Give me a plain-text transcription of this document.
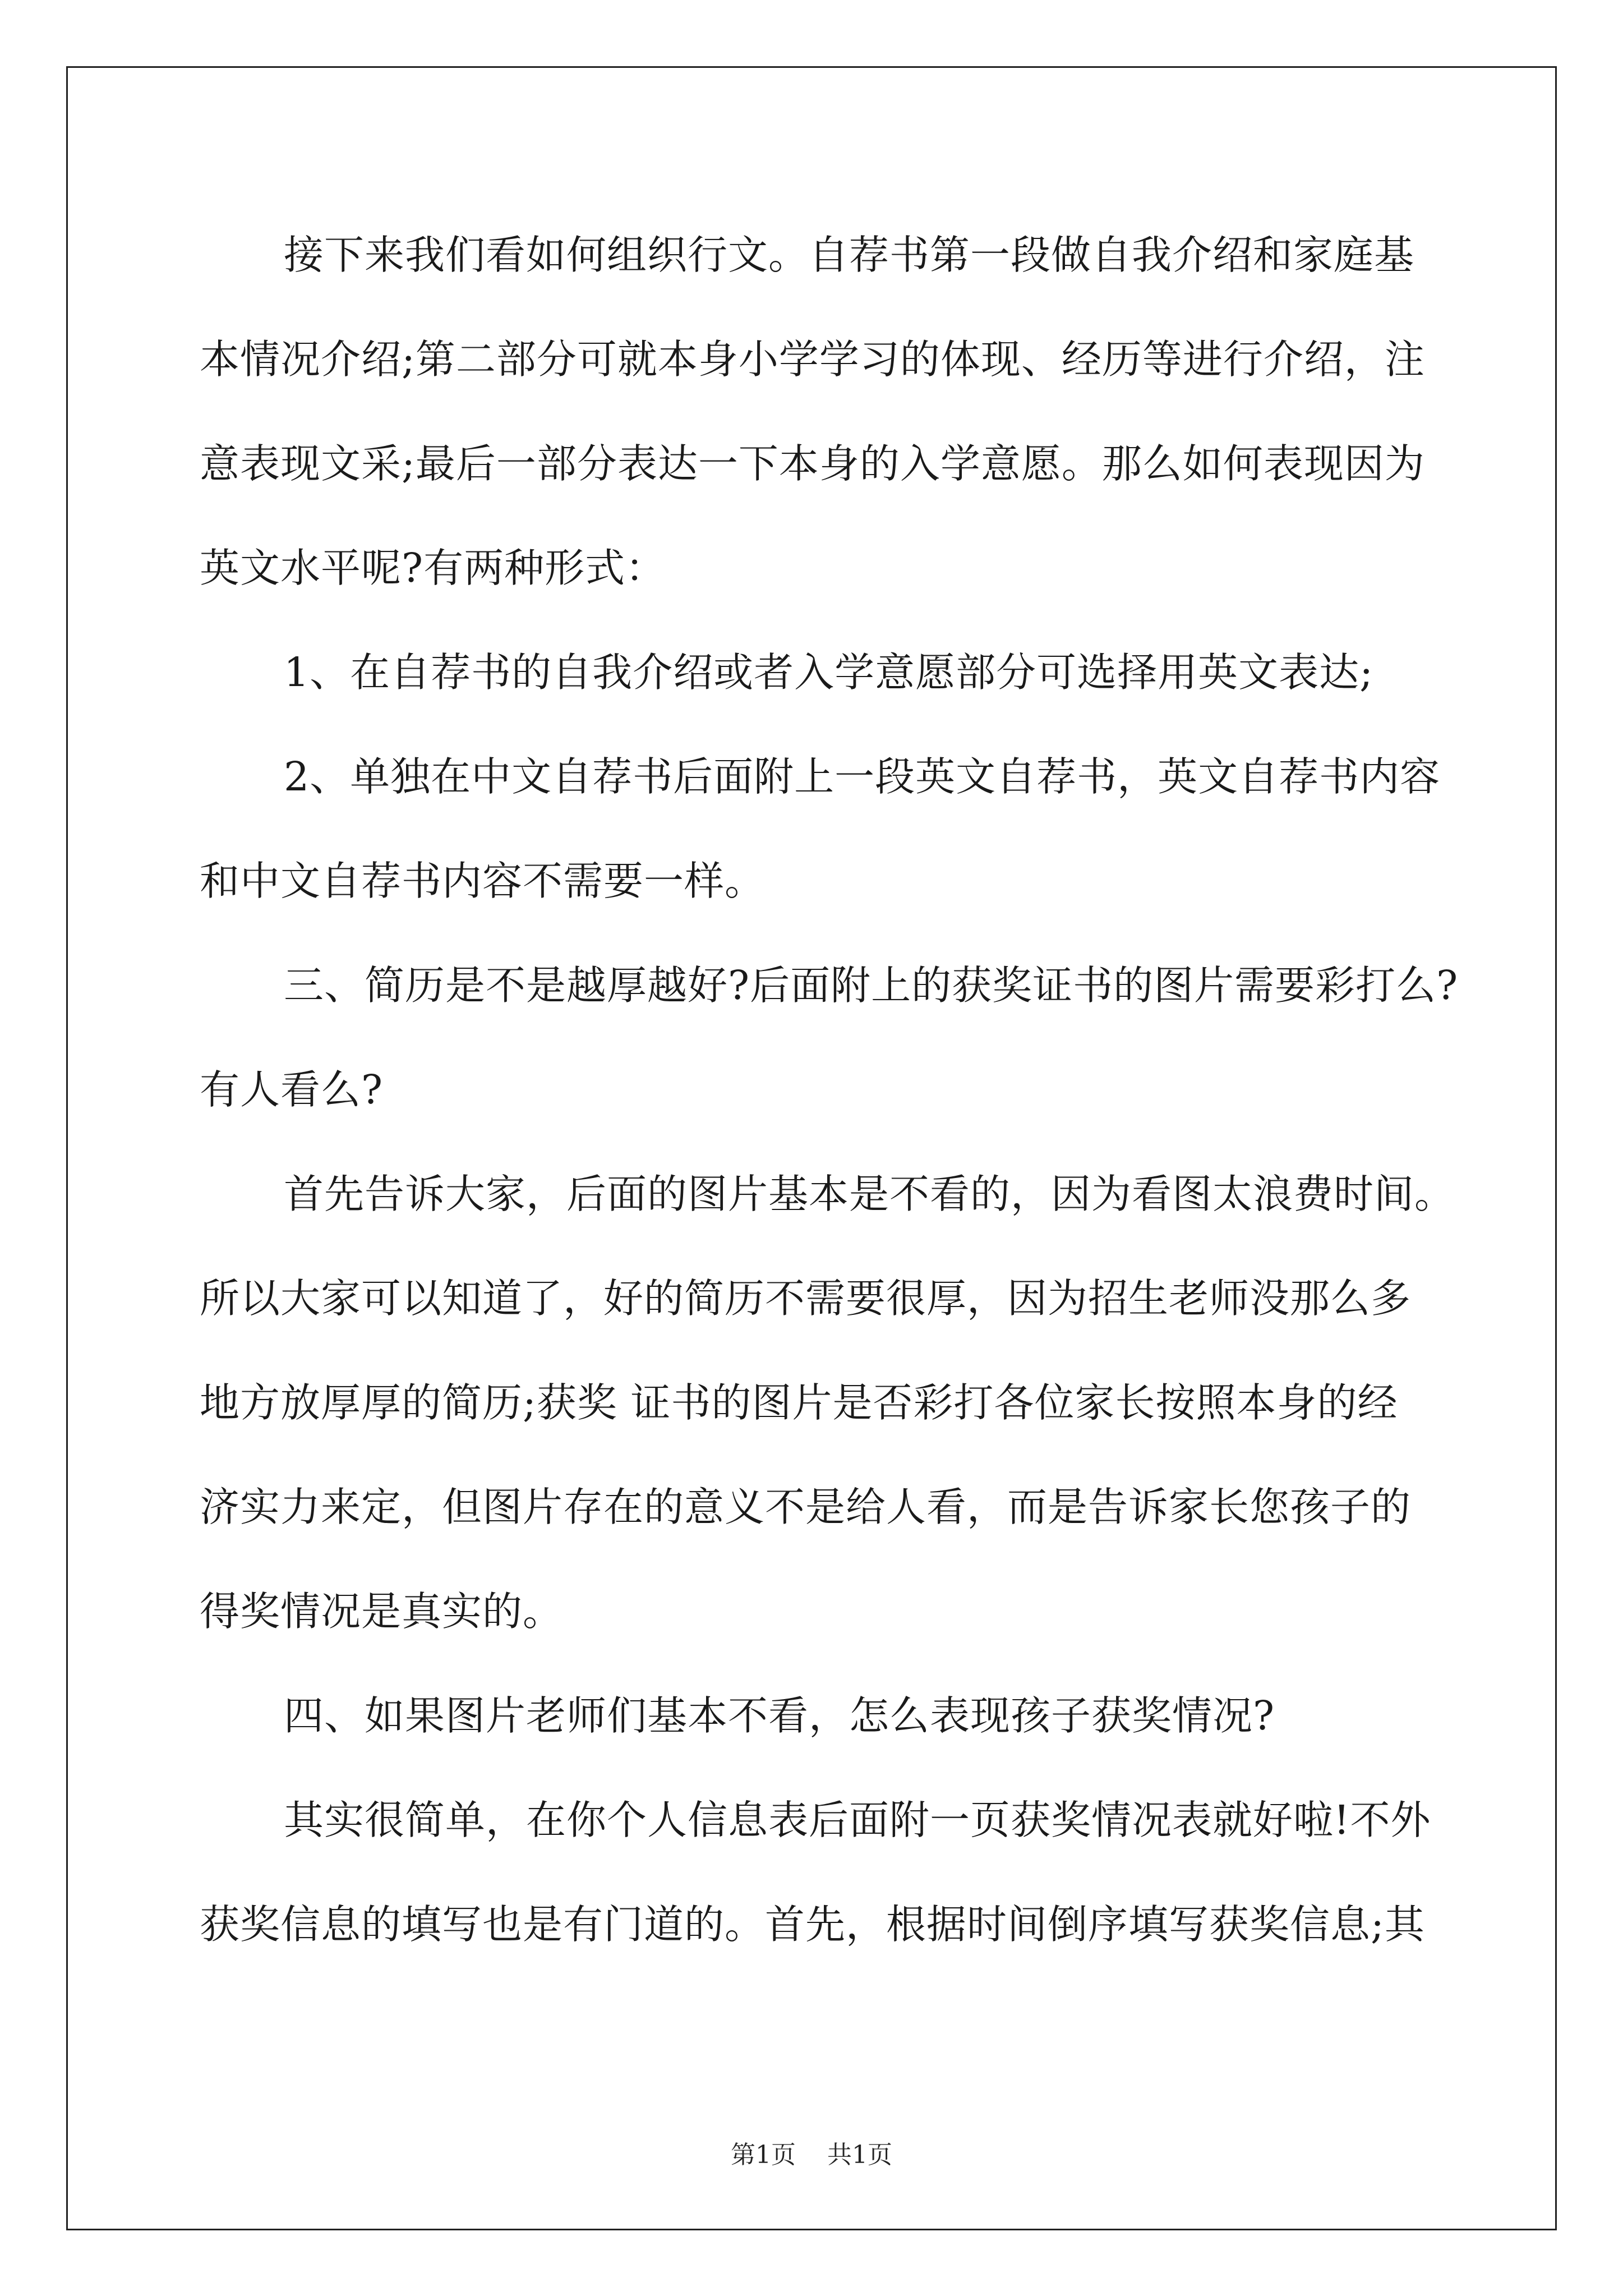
接下来我们看如何组织行文。自荐书第一段做自我介绍和家庭基
本情况介绍;第二部分可就本身小学学习的体现、经历等进行介绍，注
意表现文采;最后一部分表达一下本身的入学意愿。那么如何表现因为
英文水平呢?有两种形式：
1、在自荐书的自我介绍或者入学意愿部分可选择用英文表达;
2、单独在中文自荐书后面附上一段英文自荐书，英文自荐书内容
和中文自荐书内容不需要一样。
三、简历是不是越厚越好?后面附上的获奖证书的图片需要彩打么?
有人看么?
首先告诉大家，后面的图片基本是不看的，因为看图太浪费时间。
所以大家可以知道了，好的简历不需要很厚，因为招生老师没那么多
地方放厚厚的简历;获奖 证书的图片是否彩打各位家长按照本身的经
济实力来定，但图片存在的意义不是给人看，而是告诉家长您孩子的
得奖情况是真实的。
四、如果图片老师们基本不看，怎么表现孩子获奖情况?
其实很简单，在你个人信息表后面附一页获奖情况表就好啦!不外
获奖信息的填写也是有门道的。首先，根据时间倒序填写获奖信息;其
第1页 共1页
